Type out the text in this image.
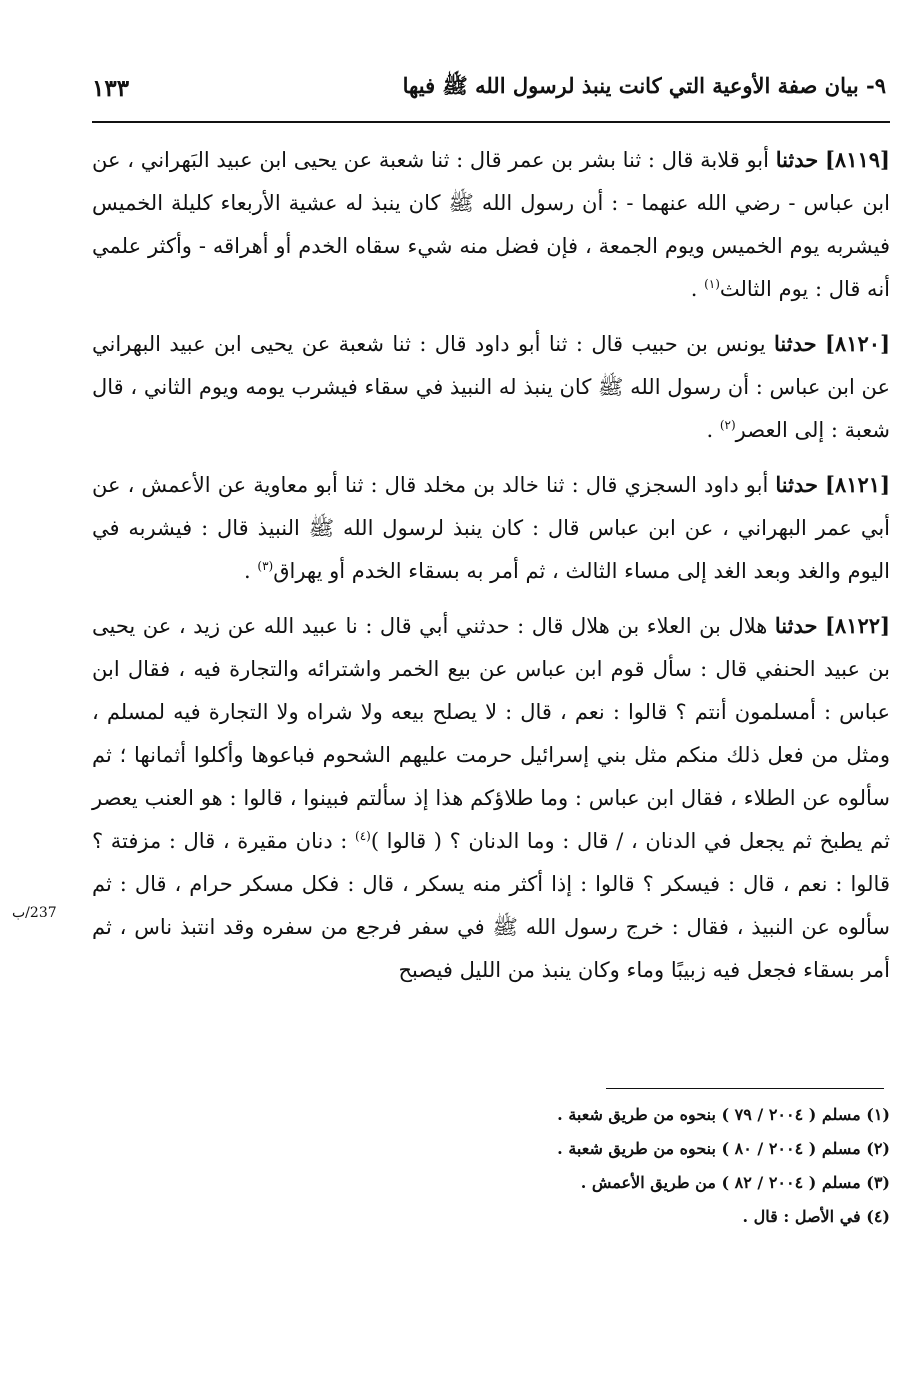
١٣٣	٩- بيان صفة الأوعية التي كانت ينبذ لرسول الله ﷺ فيها

[٨١١٩] حدثنا أبو قلابة قال : ثنا بشر بن عمر قال : ثنا شعبة عن يحيى ابن عبيد البَهراني ، عن ابن عباس - رضي الله عنهما - : أن رسول الله ﷺ كان ينبذ له عشية الأربعاء كليلة الخميس فيشربه يوم الخميس ويوم الجمعة ، فإن فضل منه شيء سقاه الخدم أو أهراقه - وأكثر علمي أنه قال : يوم الثالث$^{(١)}$ .

[٨١٢٠] حدثنا يونس بن حبيب قال : ثنا أبو داود قال : ثنا شعبة عن يحيى ابن عبيد البهراني عن ابن عباس : أن رسول الله ﷺ كان ينبذ له النبيذ في سقاء فيشرب يومه ويوم الثاني ، قال شعبة : إلى العصر$^{(٢)}$ .

[٨١٢١] حدثنا أبو داود السجزي قال : ثنا خالد بن مخلد قال : ثنا أبو معاوية عن الأعمش ، عن أبي عمر البهراني ، عن ابن عباس قال : كان ينبذ لرسول الله ﷺ النبيذ قال : فيشربه في اليوم والغد وبعد الغد إلى مساء الثالث ، ثم أمر به بسقاء الخدم أو يهراق$^{(٣)}$ .

[٨١٢٢] حدثنا هلال بن العلاء بن هلال قال : حدثني أبي قال : نا عبيد الله عن زيد ، عن يحيى بن عبيد الحنفي قال : سأل قوم ابن عباس عن بيع الخمر واشترائه والتجارة فيه ، فقال ابن عباس : أمسلمون أنتم ؟ قالوا : نعم ، قال : لا يصلح بيعه ولا شراه ولا التجارة فيه لمسلم ، ومثل من فعل ذلك منكم مثل بني إسرائيل حرمت عليهم الشحوم فباعوها وأكلوا أثمانها ؛ ثم سألوه عن الطلاء ، فقال ابن عباس : وما طلاؤكم هذا إذ سألتم فبينوا ، قالوا : هو العنب يعصر ثم يطبخ ثم يجعل في الدنان ، / قال : وما الدنان ؟ ( قالوا )$^{(٤)}$ : دنان مقيرة ، قال : مزفتة ؟ قالوا : نعم ، قال : فيسكر ؟ قالوا : إذا أكثر منه يسكر ، قال : فكل مسكر حرام ، قال : ثم سألوه عن النبيذ ، فقال : خرج رسول الله ﷺ في سفر فرجع من سفره وقد انتبذ ناس ، ثم أمر بسقاء فجعل فيه زبيبًا وماء وكان ينبذ من الليل فيصبح

237/ب
(١) مسلم ( ٢٠٠٤ / ٧٩ ) بنحوه من طريق شعبة .
(٢) مسلم ( ٢٠٠٤ / ٨٠ ) بنحوه من طريق شعبة .
(٣) مسلم ( ٢٠٠٤ / ٨٢ ) من طريق الأعمش .
(٤) في الأصل : قال .
